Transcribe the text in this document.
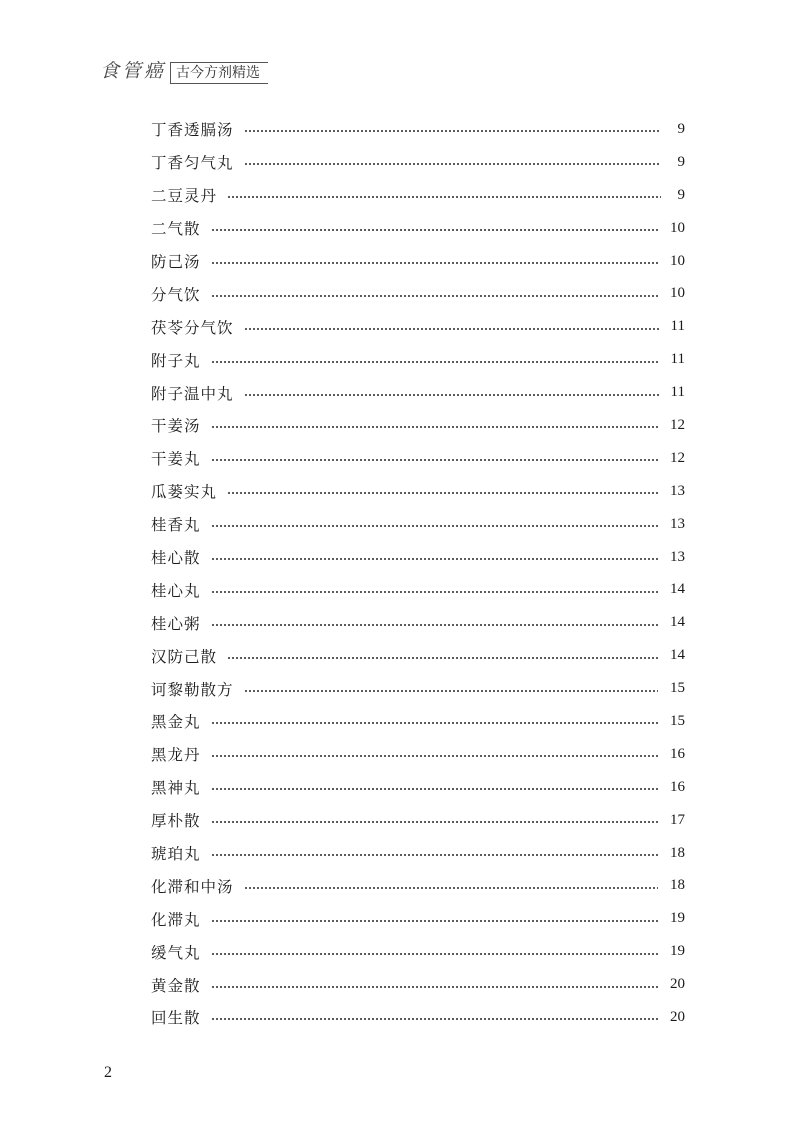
食管癌 古今方剂精选
丁香透膈汤	9
丁香匀气丸	9
二豆灵丹	9
二气散	10
防己汤	10
分气饮	10
茯苓分气饮	11
附子丸	11
附子温中丸	11
干姜汤	12
干姜丸	12
瓜蒌实丸	13
桂香丸	13
桂心散	13
桂心丸	14
桂心粥	14
汉防己散	14
诃黎勒散方	15
黑金丸	15
黑龙丹	16
黑神丸	16
厚朴散	17
琥珀丸	18
化滞和中汤	18
化滞丸	19
缓气丸	19
黄金散	20
回生散	20
2
